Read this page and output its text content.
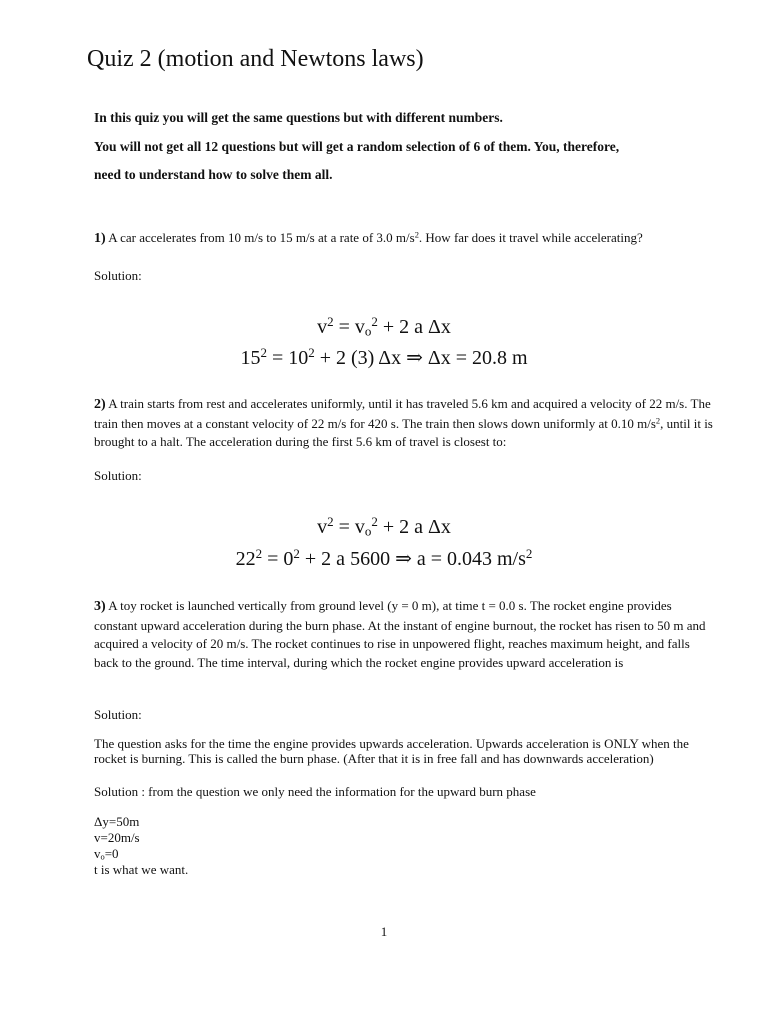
Quiz 2 (motion and Newtons laws)
In this quiz you will get the same questions but with different numbers.
You will not get all 12 questions but will get a random selection of 6 of them. You, therefore,
need to understand how to solve them all.
1) A car accelerates from 10 m/s to 15 m/s at a rate of 3.0 $m/s^2$. How far does it travel while accelerating?
Solution:
$v^2 = v_o^2 + 2$ a Δx
$15^2 = 10^2 + 2$ (3) Δx ⇒ Δx = 20.8 m
2) A train starts from rest and accelerates uniformly, until it has traveled 5.6 km and acquired a velocity of 22 m/s. The train then moves at a constant velocity of 22 m/s for 420 s. The train then slows down uniformly at 0.10 $m/s^2$, until it is brought to a halt. The acceleration during the first 5.6 km of travel is closest to:
Solution:
$v^2 = v_o^2 + 2$ a Δx
$22^2 = 0^2 + 2$ a 5600 ⇒ a = 0.043 $m/s^2$
3) A toy rocket is launched vertically from ground level (y = 0 m), at time t = 0.0 s. The rocket engine provides constant upward acceleration during the burn phase. At the instant of engine burnout, the rocket has risen to 50 m and acquired a velocity of 20 m/s. The rocket continues to rise in unpowered flight, reaches maximum height, and falls back to the ground. The time interval, during which the rocket engine provides upward acceleration is
Solution:
The question asks for the time the engine provides upwards acceleration. Upwards acceleration is ONLY when the rocket is burning. This is called the burn phase. (After that it is in free fall and has downwards acceleration)
Solution : from the question we only need the information for the upward burn phase
Δy=50m
v=20m/s
$v_o=0$
t is what we want.
1
